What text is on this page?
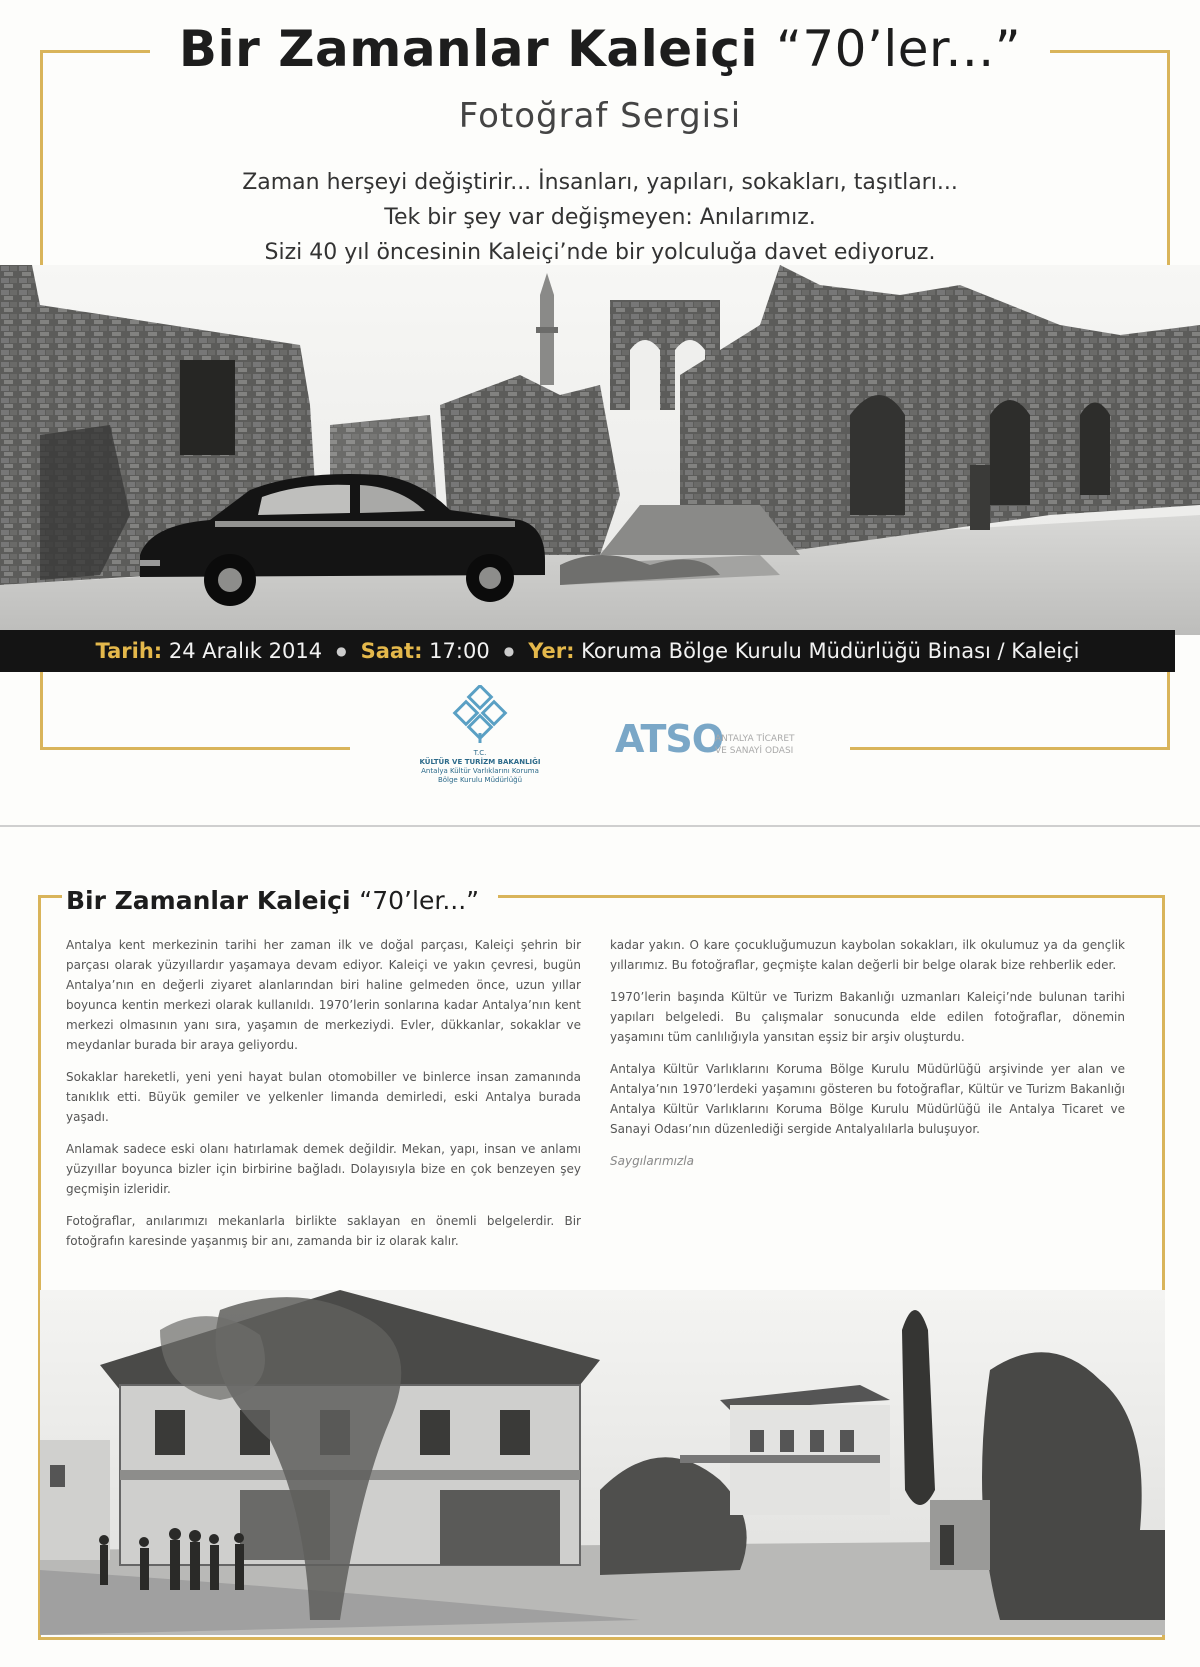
Bir Zamanlar Kaleiçi “70’ler...”
Fotoğraf Sergisi
Zaman herşeyi değiştirir... İnsanları, yapıları, sokakları, taşıtları...
Tek bir şey var değişmeyen: Anılarımız.
Sizi 40 yıl öncesinin Kaleiçi’nde bir yolculuğa davet ediyoruz.
Tarih: 24 Aralık 2014 ● Saat: 17:00 ● Yer: Koruma Bölge Kurulu Müdürlüğü Binası / Kaleiçi
T.C.
KÜLTÜR VE TURİZM BAKANLIĞI
Antalya Kültür Varlıklarını Koruma
Bölge Kurulu Müdürlüğü
ATSO
ANTALYA TİCARET
VE SANAYİ ODASI
Bir Zamanlar Kaleiçi “70’ler...”

Antalya kent merkezinin tarihi her zaman ilk ve doğal parçası, Kaleiçi şehrin bir parçası olarak yüzyıllardır yaşamaya devam ediyor. Kaleiçi ve yakın çevresi, bugün Antalya’nın en değerli ziyaret alanlarından biri haline gelmeden önce, uzun yıllar boyunca kentin merkezi olarak kullanıldı. 1970’lerin sonlarına kadar Antalya’nın kent merkezi olmasının yanı sıra, yaşamın de merkeziydi. Evler, dükkanlar, sokaklar ve meydanlar burada bir araya geliyordu.

Sokaklar hareketli, yeni yeni hayat bulan otomobiller ve binlerce insan zamanında tanıklık etti. Büyük gemiler ve yelkenler limanda demirledi, eski Antalya burada yaşadı.

Anlamak sadece eski olanı hatırlamak demek değildir. Mekan, yapı, insan ve anlamı yüzyıllar boyunca bizler için birbirine bağladı. Dolayısıyla bize en çok benzeyen şey geçmişin izleridir.

Fotoğraflar, anılarımızı mekanlarla birlikte saklayan en önemli belgelerdir. Bir fotoğrafın karesinde yaşanmış bir anı, zamanda bir iz olarak kalır.

kadar yakın. O kare çocukluğumuzun kaybolan sokakları, ilk okulumuz ya da gençlik yıllarımız. Bu fotoğraflar, geçmişte kalan değerli bir belge olarak bize rehberlik eder.

1970’lerin başında Kültür ve Turizm Bakanlığı uzmanları Kaleiçi’nde bulunan tarihi yapıları belgeledi. Bu çalışmalar sonucunda elde edilen fotoğraflar, dönemin yaşamını tüm canlılığıyla yansıtan eşsiz bir arşiv oluşturdu.

Antalya Kültür Varlıklarını Koruma Bölge Kurulu Müdürlüğü arşivinde yer alan ve Antalya’nın 1970’lerdeki yaşamını gösteren bu fotoğraflar, Kültür ve Turizm Bakanlığı Antalya Kültür Varlıklarını Koruma Bölge Kurulu Müdürlüğü ile Antalya Ticaret ve Sanayi Odası’nın düzenlediği sergide Antalyalılarla buluşuyor.

Saygılarımızla
